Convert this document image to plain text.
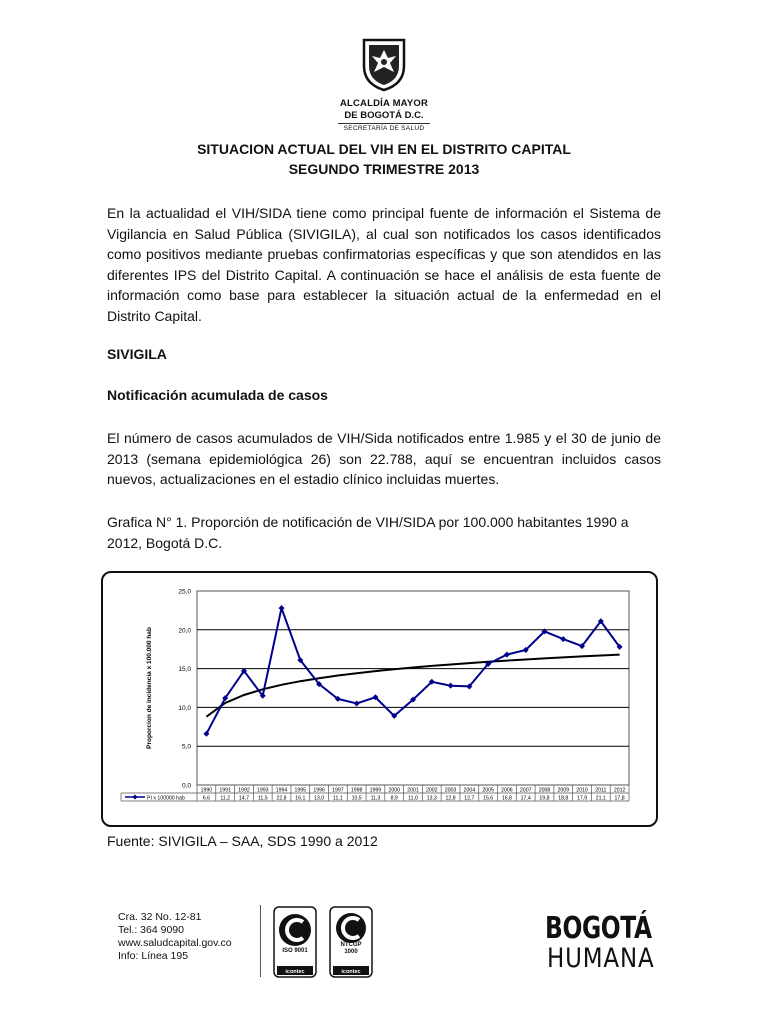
ALCALDÍA MAYOR
DE BOGOTÁ D.C.
SECRETARÍA DE SALUD
SITUACION ACTUAL DEL VIH EN EL DISTRITO CAPITAL
SEGUNDO TRIMESTRE 2013
En la actualidad el VIH/SIDA tiene como principal fuente de información el Sistema de Vigilancia en Salud Pública (SIVIGILA), al cual son notificados los casos identificados como positivos mediante pruebas confirmatorias específicas y que son atendidos en las diferentes IPS del Distrito Capital. A continuación se hace el análisis de esta fuente de información como base para establecer la situación actual de la enfermedad en el Distrito Capital.
SIVIGILA
Notificación acumulada de casos
El número de casos acumulados de VIH/Sida notificados entre 1.985 y el 30 de junio de 2013 (semana epidemiológica 26) son 22.788, aquí se encuentran incluidos casos nuevos, actualizaciones en el estadio clínico incluidas muertes.
Grafica N° 1. Proporción de notificación de VIH/SIDA por 100.000 habitantes 1990 a 2012, Bogotá D.C.
0,0
5,0
10,0
15,0
20,0
25,0
Proporcion de incidencia x 100.000 hab
1990 1991 1992 1993 1994 1995 1996 1997 1998 1999 2000 2001 2002 2003 2004 2005 2006 2007 2008 2009 2010 2011 2012
6,6 11,2 14,7 11,5 22,8 16,1 13,0 11,1 10,5 11,3 8,9 11,0 13,3 12,8 12,7 15,6 16,8 17,4 19,8 18,8 17,9 21,1 17,8
PI x 100000 hab
Fuente: SIVIGILA – SAA, SDS 1990 a 2012
Cra. 32 No. 12-81
Tel.: 364 9090
www.saludcapital.gov.co
Info: Línea 195	ISO 9001
icontec
NTCGP
1000
icontec
BOGOTÁ
HUMANA
